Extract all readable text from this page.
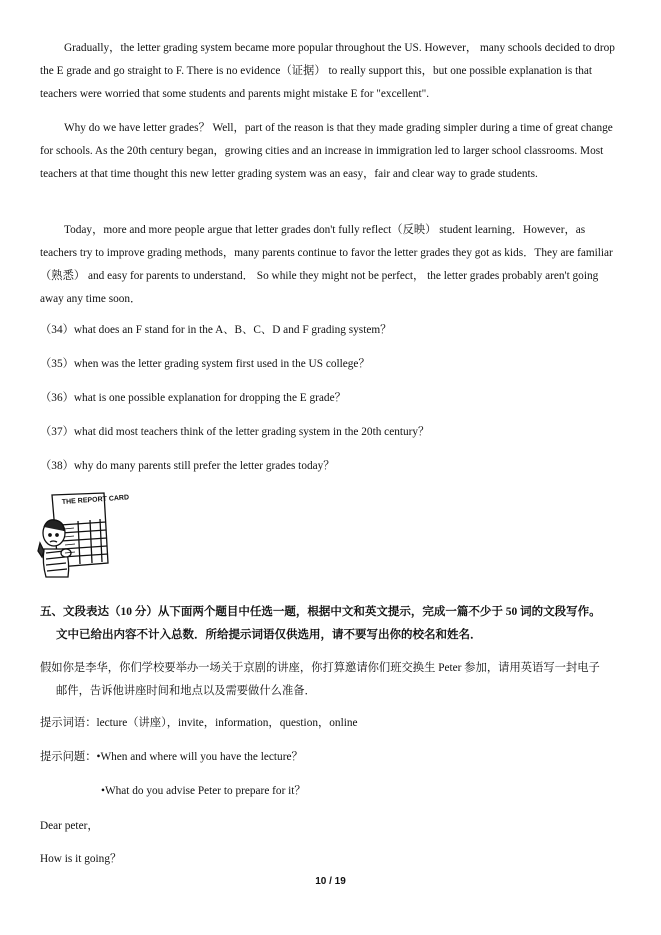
Gradually，the letter grading system became more popular throughout the US. However， many schools decided to drop the E grade and go straight to F. There is no evidence（证据） to really support this，but one possible explanation is that teachers were worried that some students and parents might mistake E for "excellent".
Why do we have letter grades？ Well，part of the reason is that they made grading simpler during a time of great change for schools. As the 20th century began，growing cities and an increase in immigration led to larger school classrooms. Most teachers at that time thought this new letter grading system was an easy，fair and clear way to grade students.
Today，more and more people argue that letter grades don't fully reflect（反映） student learning．However，as teachers try to improve grading methods，many parents continue to favor the letter grades they got as kids．They are familiar（熟悉） and easy for parents to understand． So while they might not be perfect， the letter grades probably aren't going away any time soon．
（34）what does an F stand for in the A、B、C、D and F grading system？
（35）when was the letter grading system first used in the US college？
（36）what is one possible explanation for dropping the E grade？
（37）what did most teachers think of the letter grading system in the 20th century？
（38）why do many parents still prefer the letter grades today？
THE REPORT CARD
五、文段表达（10 分）从下面两个题目中任选一题，根据中文和英文提示，完成一篇不少于 50 词的文段写作。
文中已给出内容不计入总数．所给提示词语仅供选用，请不要写出你的校名和姓名．
假如你是李华，你们学校要举办一场关于京剧的讲座，你打算邀请你们班交换生 Peter 参加，请用英语写一封电子
邮件，告诉他讲座时间和地点以及需要做什么准备．
提示词语：lecture（讲座），invite，information，question，online
提示问题：•When and where will you have the lecture？
•What do you advise Peter to prepare for it？
Dear peter，
How is it going？
10 / 19
